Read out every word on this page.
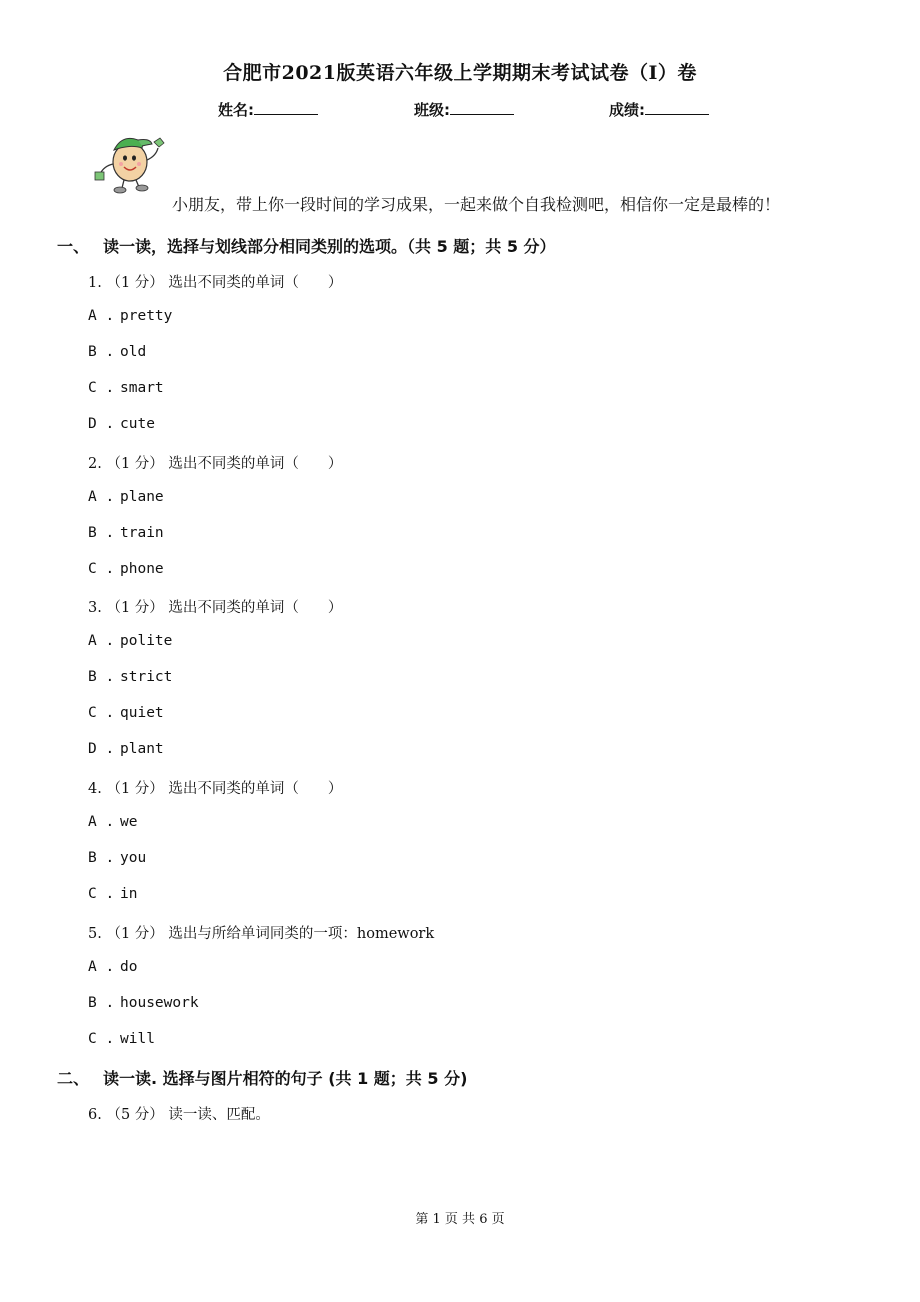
合肥市2021版英语六年级上学期期末考试试卷（I）卷
姓名:	班级:	成绩:
小朋友，带上你一段时间的学习成果，一起来做个自我检测吧，相信你一定是最棒的！
一、 读一读，选择与划线部分相同类别的选项。（共 5 题；共 5 分）
1. （1 分） 选出不同类的单词（　　）
A . pretty
B . old
C . smart
D . cute
2. （1 分） 选出不同类的单词（　　）
A . plane
B . train
C . phone
3. （1 分） 选出不同类的单词（　　）
A . polite
B . strict
C . quiet
D . plant
4. （1 分） 选出不同类的单词（　　）
A . we
B . you
C . in
5. （1 分） 选出与所给单词同类的一项：homework
A . do
B . housework
C . will
二、 读一读. 选择与图片相符的句子 (共 1 题；共 5 分)
6. （5 分） 读一读、匹配。
第 1 页 共 6 页
